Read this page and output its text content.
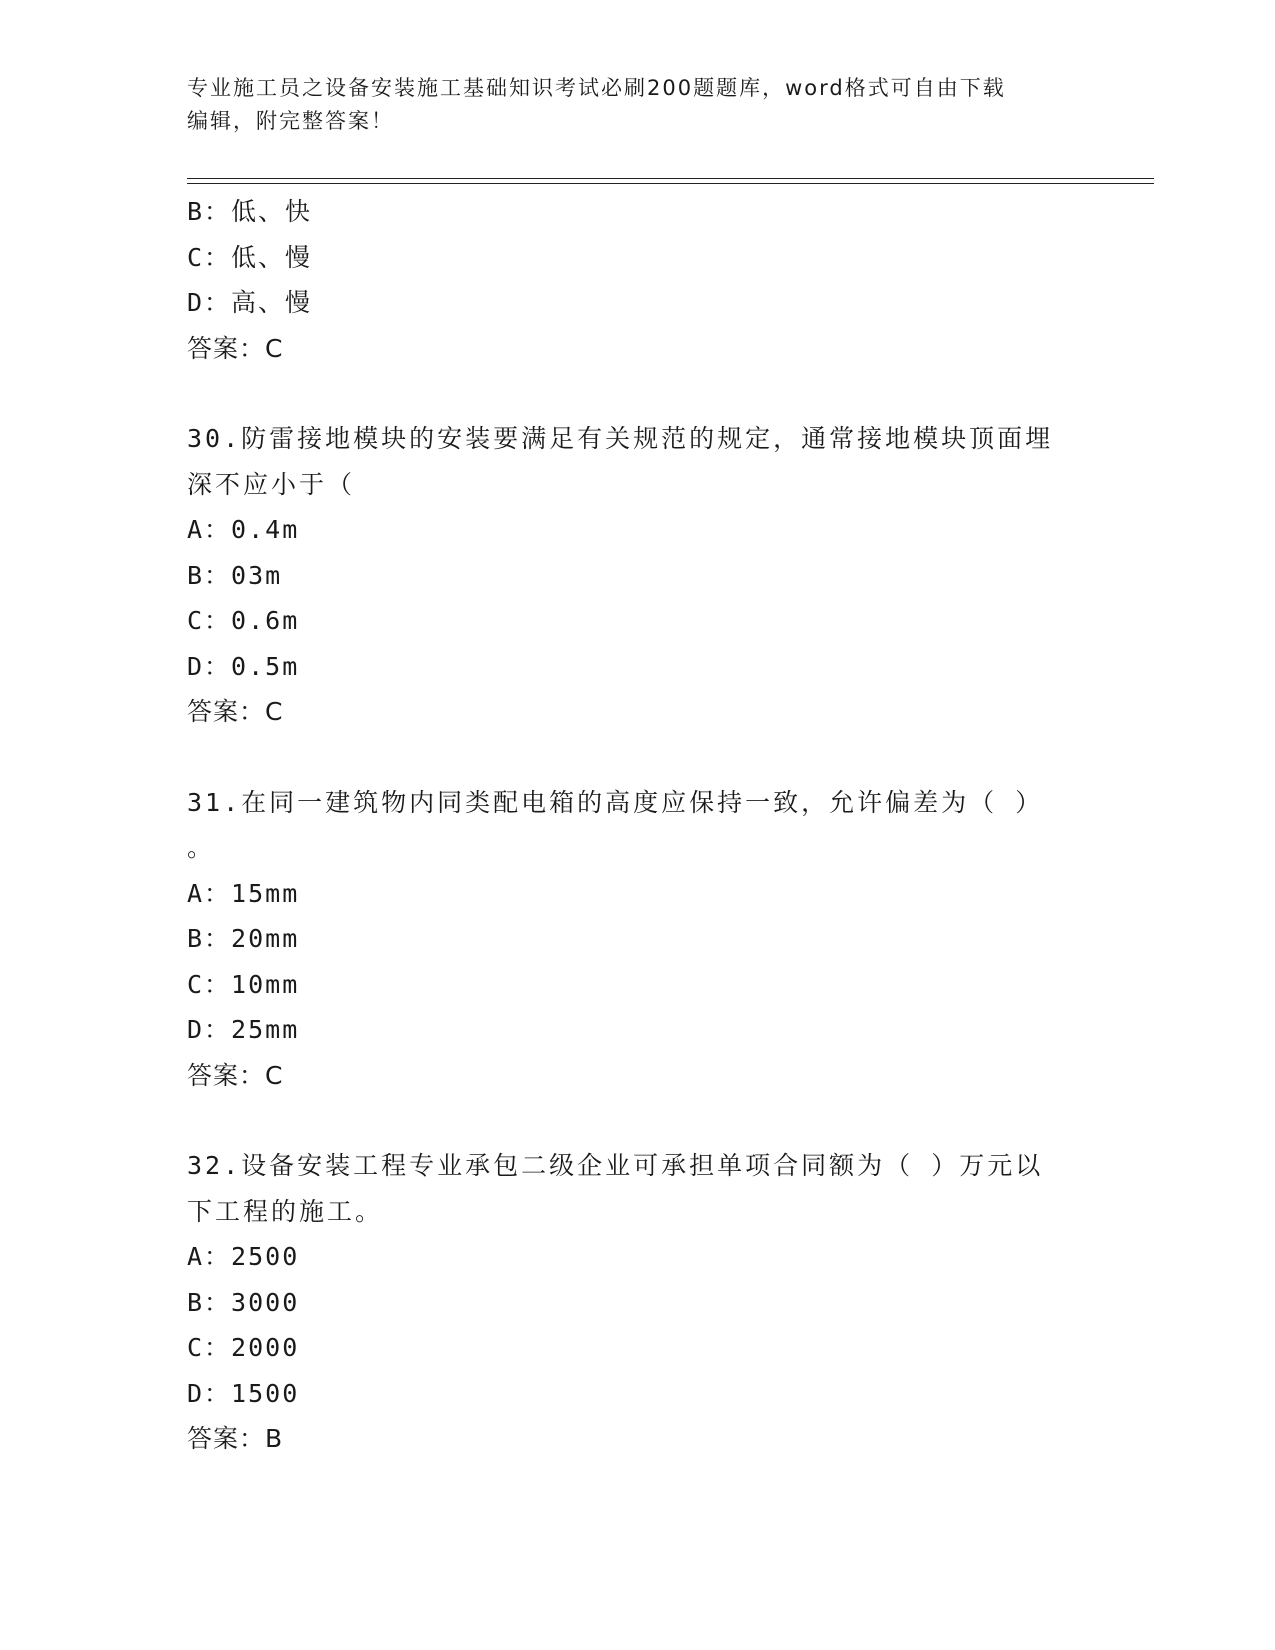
专业施工员之设备安装施工基础知识考试必刷200题题库，word格式可自由下载
编辑，附完整答案！
B：低、快
C：低、慢
D：高、慢
答案：C
30.防雷接地模块的安装要满足有关规范的规定，通常接地模块顶面埋
深不应小于（
A：0.4m
B：03m
C：0.6m
D：0.5m
答案：C
31.在同一建筑物内同类配电箱的高度应保持一致，允许偏差为（ ）
。
A：15mm
B：20mm
C：10mm
D：25mm
答案：C
32.设备安装工程专业承包二级企业可承担单项合同额为（ ）万元以
下工程的施工。
A：2500
B：3000
C：2000
D：1500
答案：B
